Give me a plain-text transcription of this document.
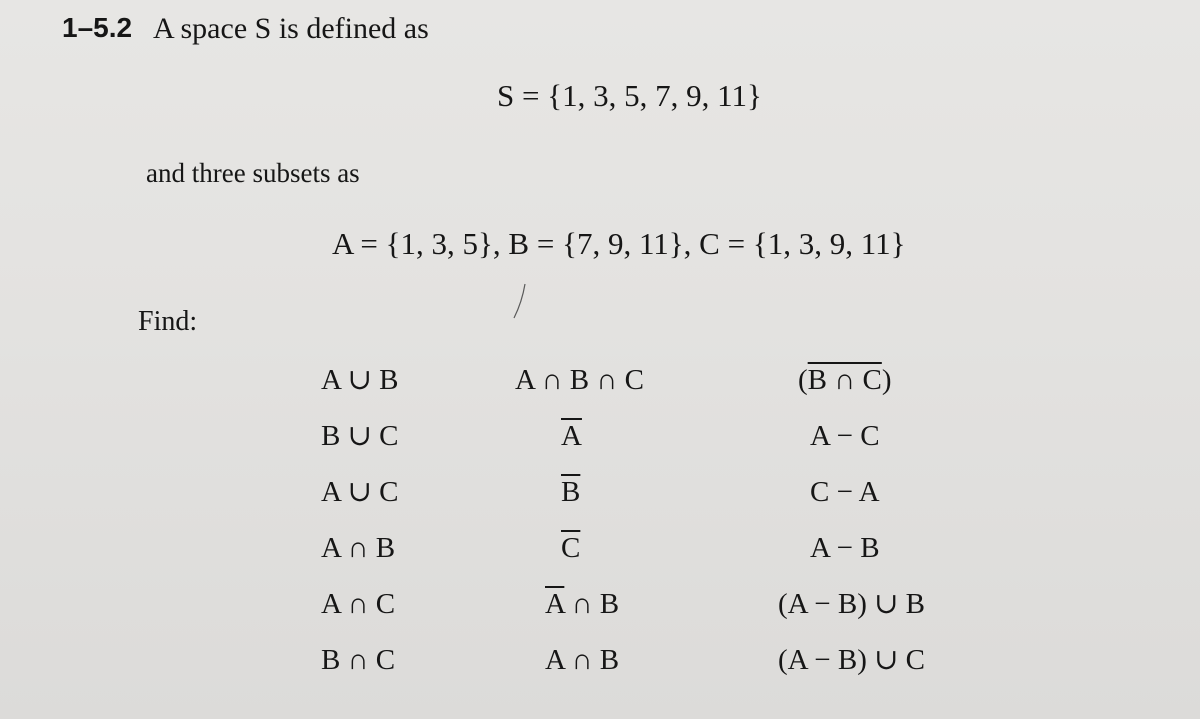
1–5.2 A space S is defined as
S = {1, 3, 5, 7, 9, 11}
and three subsets as
A = {1, 3, 5}, B = {7, 9, 11}, C = {1, 3, 9, 11}
Find:
A ∪ B
B ∪ C
A ∪ C
A ∩ B
A ∩ C
B ∩ C
A ∩ B ∩ C
$\overline{A}$
$\overline{B}$
$\overline{C}$
$\overline{A}$ ∩ B
A ∩ B
(B ∩ C)
A − C
C − A
A − B
(A − B) ∪ B
(A − B) ∪ C
